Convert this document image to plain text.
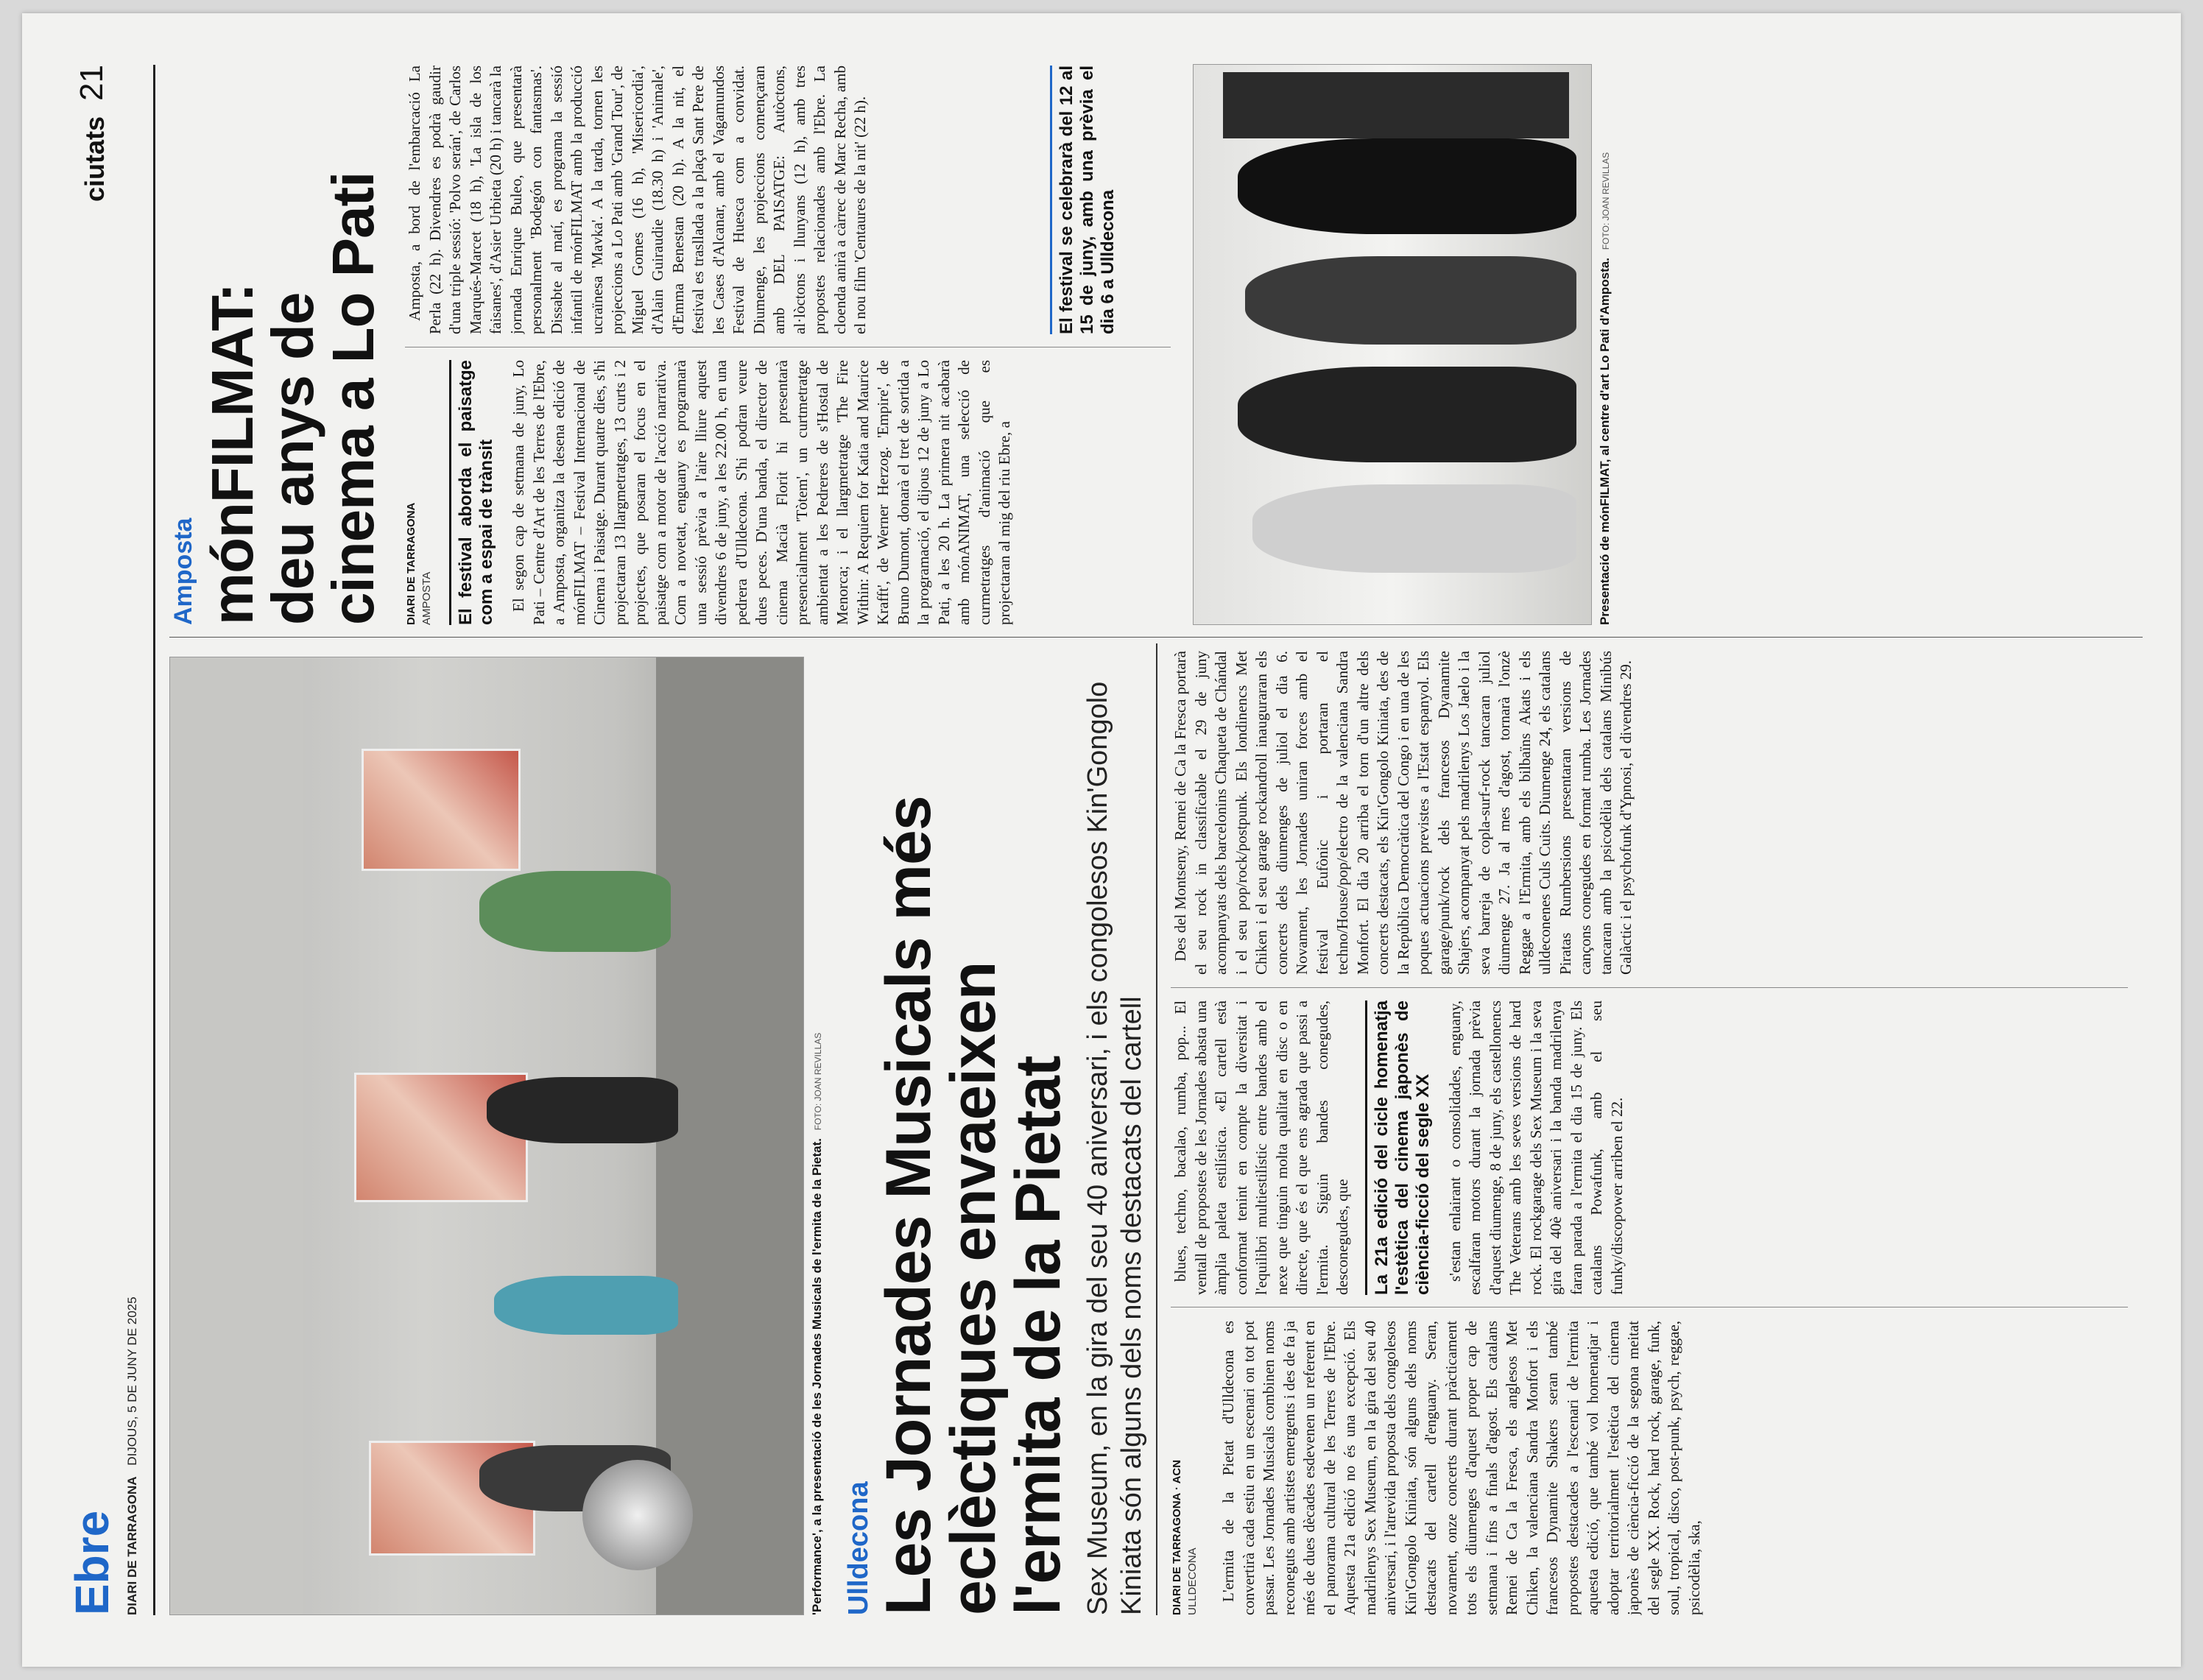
Ebre DIARI DE TARRAGONA DIJOUS, 5 DE JUNY DE 2025
ciutats
21
'Performance', a la presentació de les Jornades Musicals de l'ermita de la Pietat. FOTO: JOAN REVILLAS
Ulldecona Les Jornades Musicals més
eclèctiques envaeixen
l'ermita de la Pietat Sex Museum, en la gira del seu 40 aniversari, i els congolesos Kin'Gongolo Kiniata són alguns dels noms destacats del cartell DIARI DE TARRAGONA · ACN ULLDECONA L'ermita de la Pietat d'Ulldecona es convertirà cada estiu en un escenari on tot pot passar. Les Jornades Musicals combinen noms reconeguts amb artistes emergents i des de fa ja més de dues dècades esdevenen un referent en el panorama cultural de les Terres de l'Ebre. Aquesta 21a edició no és una excepció. Els madrilenys Sex Museum, en la gira del seu 40 aniversari, i l'atrevida proposta dels congolesos Kin'Gongolo Kiniata, són alguns dels noms destacats del cartell d'enguany. Seran, novament, onze concerts durant pràcticament tots els diumenges d'aquest proper cap de setmana i fins a finals d'agost. Els catalans Remei de Ca la Fresca, els anglesos Met Chiken, la valenciana Sandra Monfort i els francesos Dynamite Shakers seran també propostes destacades a l'escenari de l'ermita aquesta edició, que també vol homenatjar i adoptar territorialment l'estètica del cinema japonès de ciència-ficció de la segona meitat del segle XX. Rock, hard rock, garage, funk, soul, tropical, disco, post-punk, psych, reggae, psicodèlia, ska,

blues, techno, bacalao, rumba, pop... El ventall de propostes de les Jornades abasta una àmplia paleta estilística. «El cartell està conformat tenint en compte la diversitat i l'equilibri multiestilístic entre bandes amb el nexe que tinguin molta qualitat en disc o en directe, que és el que ens agrada que passi a l'ermita. Siguin bandes conegudes, desconegudes, que	La 21a edició del cicle homenatja l'estètica del cinema japonès de ciència-ficció del segle XX s'estan enlairant o consolidades, enguany, escalfaran motors durant la jornada prèvia d'aquest diumenge, 8 de juny, els castellonencs The Veterans amb les seves versions de hard rock. El rockgarage dels Sex Museum i la seva gira del 40è aniversari i la banda madrilenya faran parada a l'ermita el dia 15 de juny. Els catalans Powafunk, amb el seu funky/discopower arriben el 22.

Des del Montseny, Remei de Ca la Fresca portarà el seu rock in classificable el 29 de juny acompanyats dels barcelonins Chaqueta de Chándal i el seu pop/rock/postpunk. Els londinencs Met Chiken i el seu garage rockandroll inauguraran els concerts dels diumenges de juliol el dia 6. Novament, les Jornades uniran forces amb el festival Eufònic i portaran el techno/House/pop/electro de la valenciana Sandra Monfort. El dia 20 arriba el torn d'un altre dels concerts destacats, els Kin'Gongolo Kiniata, des de la República Democràtica del Congo i en una de les poques actuacions previstes a l'Estat espanyol. Els garage/punk/rock dels francesos Dyanamite Shajers, acompanyat pels madrilenys Los Jaelo i la seva barreja de copla-surf-rock tancaran juliol diumenge 27. Ja al mes d'agost, tornarà l'onzè Reggae a l'Ermita, amb els bilbaïns Akats i els ulldeconenes Culs Cuits. Diumenge 24, els catalans Piratas Rumbersions presentaran versions de cançons conegudes en format rumba. Les Jornades tancaran amb la psicodèlia dels catalans Minibús Galàctic i el psychofunk d'Ypnosi, el divendres 29.

Amposta mónFILMAT:
deu anys de
cinema a Lo Pati DIARI DE TARRAGONA AMPOSTA	El festival aborda el paisatge com a espai de trànsit El segon cap de setmana de juny, Lo Pati – Centre d'Art de les Terres de l'Ebre, a Amposta, organitza la desena edició de mónFILMAT – Festival Internacional de Cinema i Paisatge. Durant quatre dies, s'hi projectaran 13 llargmetratges, 13 curts i 2 projectes, que posaran el focus en el paisatge com a motor de l'acció narrativa. Com a novetat, enguany es programarà una sessió prèvia a l'aire lliure aquest divendres 6 de juny, a les 22.00 h, en una pedrera d'Ulldecona. S'hi podran veure dues peces. D'una banda, el director de cinema Macià Florit hi presentarà presencialment 'Tòtem', un curtmetratge ambientat a les Pedreres de s'Hostal de Menorca; i el llargmetratge 'The Fire Within: A Requiem for Katia and Maurice Krafft', de Werner Herzog. 'Empire', de Bruno Dumont, donarà el tret de sortida a la programació, el dijous 12 de juny a Lo Pati, a les 20 h. La primera nit acabarà amb mónANIMAT, una selecció de curmetratges d'animació que es projectaran al mig del riu Ebre, a

Amposta, a bord de l'embarcació La Perla (22 h). Divendres es podrà gaudir d'una triple sessió: 'Polvo serán', de Carlos Marqués-Marcet (18 h), 'La isla de los faisanes', d'Asier Urbieta (20 h) i tancarà la jornada Enrique Buleo, que presentarà personalment 'Bodegón con fantasmas'. Dissabte al matí, es programa la sessió infantil de mónFILMAT amb la producció ucraïnesa 'Mavka'. A la tarda, tornen les projeccions a Lo Pati amb 'Grand Tour', de Miguel Gomes (16 h), 'Misericordia', d'Alain Guiraudie (18.30 h) i 'Animale', d'Emma Benestan (20 h). A la nit, el festival es trasllada a la plaça Sant Pere de les Cases d'Alcanar, amb el Vagamundos Festival de Huesca com a convidat. Diumenge, les projeccions començaran amb DEL PAISATGE: Autòctons, al·lòctons i llunyans (12 h), amb tres propostes relacionades amb l'Ebre. La cloenda anirà a càrrec de Marc Recha, amb el nou film 'Centaures de la nit' (22 h).	El festival se celebrarà del 12 al 15 de juny, amb una prèvia el dia 6 a Ulldecona	Presentació de mónFILMAT, al centre d'art Lo Pati d'Amposta. FOTO: JOAN REVILLAS
